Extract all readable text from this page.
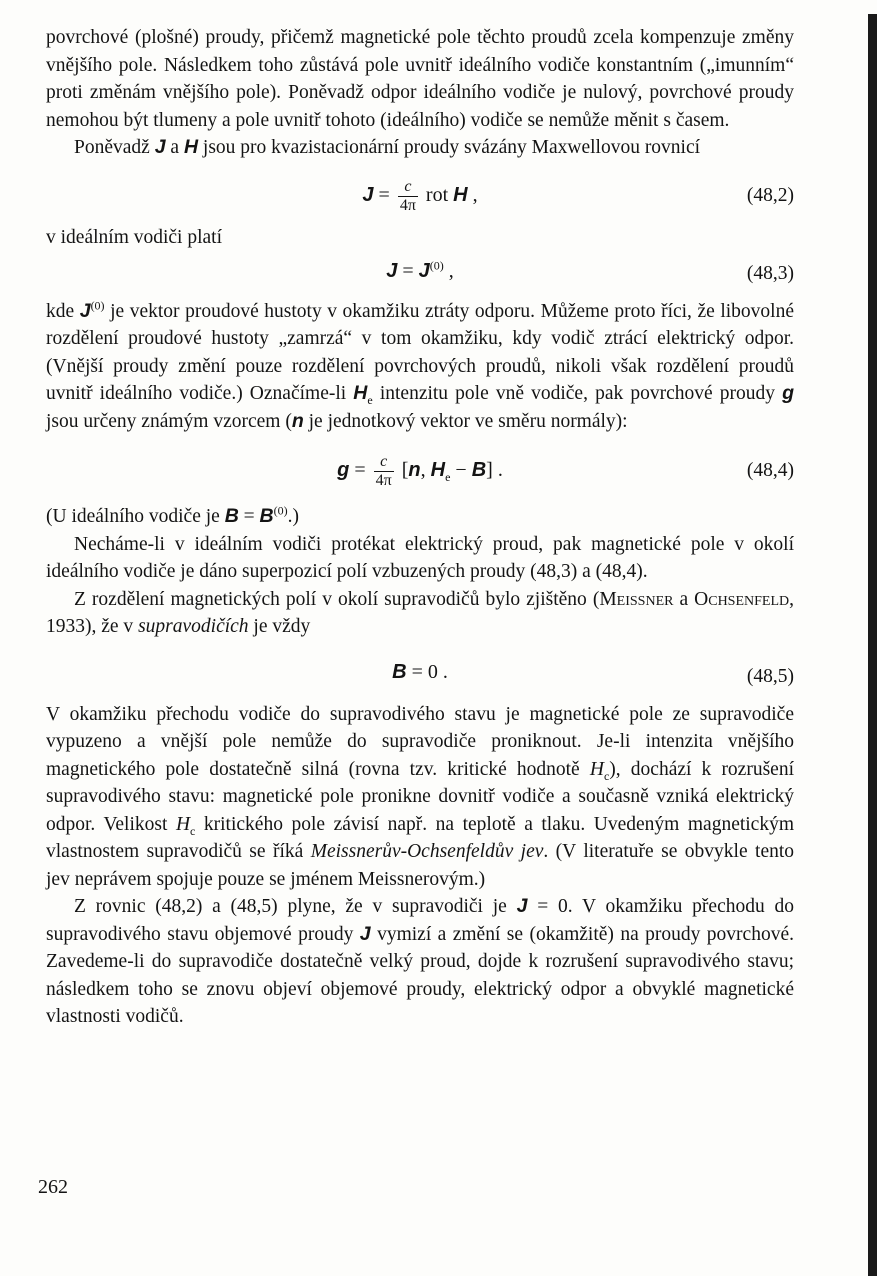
povrchové (plošné) proudy, přičemž magnetické pole těchto proudů zcela kompenzuje změny vnějšího pole. Následkem toho zůstává pole uvnitř ideálního vodiče konstantním („imunním“ proti změnám vnějšího pole). Poněvadž odpor ideálního vodiče je nulový, povrchové proudy nemohou být tlumeny a pole uvnitř tohoto (ideálního) vodiče se nemůže měnit s časem.

Poněvadž J a H jsou pro kvazistacionární proudy svázány Maxwellovou rovnicí

$J = \frac{c}{4\pi}$ rot H ,	(48,2)
v ideálním vodiči platí
$J = J^{(0)}$ ,	(48,3)

kde $J^{(0)}$ je vektor proudové hustoty v okamžiku ztráty odporu. Můžeme proto říci, že libovolné rozdělení proudové hustoty „zamrzá“ v tom okamžiku, kdy vodič ztrácí elektrický odpor. (Vnější proudy změní pouze rozdělení povrchových proudů, nikoli však rozdělení proudů uvnitř ideálního vodiče.) Označíme-li $H_e$ intenzitu pole vně vodiče, pak povrchové proudy g jsou určeny známým vzorcem (n je jednotkový vektor ve směru normály):

$g = \frac{c}{4\pi} [n$, $H_e - B$] .	(48,4)

(U ideálního vodiče je $B = B^{(0)}$.)

Necháme-li v ideálním vodiči protékat elektrický proud, pak magnetické pole v okolí ideálního vodiče je dáno superpozicí polí vzbuzených proudy (48,3) a (48,4).

Z rozdělení magnetických polí v okolí supravodičů bylo zjištěno (Meissner a Ochsenfeld, 1933), že v supravodičích je vždy

B = 0 .	(48,5)

V okamžiku přechodu vodiče do supravodivého stavu je magnetické pole ze supravodiče vypuzeno a vnější pole nemůže do supravodiče proniknout. Je-li intenzita vnějšího magnetického pole dostatečně silná (rovna tzv. kritické hodnotě $H_c$), dochází k rozrušení supravodivého stavu: magnetické pole pronikne dovnitř vodiče a současně vzniká elektrický odpor. Velikost $H_c$ kritického pole závisí např. na teplotě a tlaku. Uvedeným magnetickým vlastnostem supravodičů se říká Meissnerův-Ochsenfeldův jev. (V literatuře se obvykle tento jev neprávem spojuje pouze se jménem Meissnerovým.)

Z rovnic (48,2) a (48,5) plyne, že v supravodiči je J = 0. V okamžiku přechodu do supravodivého stavu objemové proudy J vymizí a změní se (okamžitě) na proudy povrchové. Zavedeme-li do supravodiče dostatečně velký proud, dojde k rozrušení supravodivého stavu; následkem toho se znovu objeví objemové proudy, elektrický odpor a obvyklé magnetické vlastnosti vodičů.

262
